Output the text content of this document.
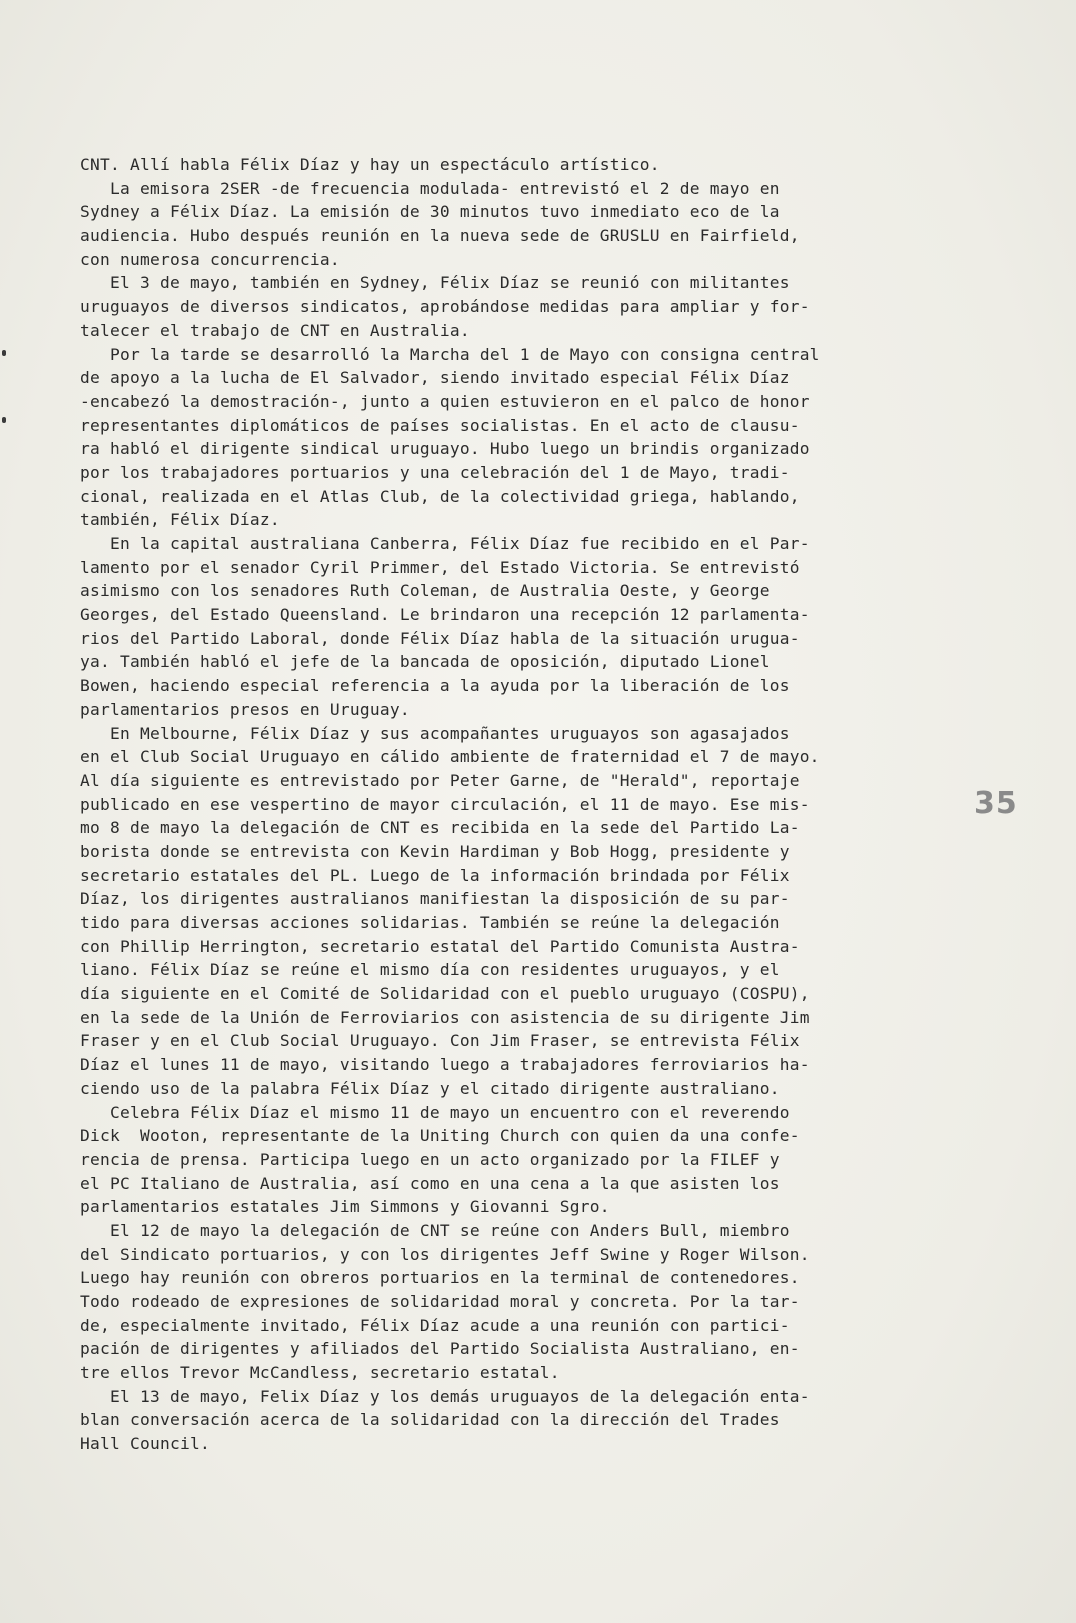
CNT. Allí habla Félix Díaz y hay un espectáculo artístico.
La emisora 2SER -de frecuencia modulada- entrevistó el 2 de mayo en
Sydney a Félix Díaz. La emisión de 30 minutos tuvo inmediato eco de la
audiencia. Hubo después reunión en la nueva sede de GRUSLU en Fairfield,
con numerosa concurrencia.
El 3 de mayo, también en Sydney, Félix Díaz se reunió con militantes
uruguayos de diversos sindicatos, aprobándose medidas para ampliar y for-
talecer el trabajo de CNT en Australia.
Por la tarde se desarrolló la Marcha del 1 de Mayo con consigna central
de apoyo a la lucha de El Salvador, siendo invitado especial Félix Díaz
-encabezó la demostración-, junto a quien estuvieron en el palco de honor
representantes diplomáticos de países socialistas. En el acto de clausu-
ra habló el dirigente sindical uruguayo. Hubo luego un brindis organizado
por los trabajadores portuarios y una celebración del 1 de Mayo, tradi-
cional, realizada en el Atlas Club, de la colectividad griega, hablando,
también, Félix Díaz.
En la capital australiana Canberra, Félix Díaz fue recibido en el Par-
lamento por el senador Cyril Primmer, del Estado Victoria. Se entrevistó
asimismo con los senadores Ruth Coleman, de Australia Oeste, y George
Georges, del Estado Queensland. Le brindaron una recepción 12 parlamenta-
rios del Partido Laboral, donde Félix Díaz habla de la situación urugua-
ya. También habló el jefe de la bancada de oposición, diputado Lionel
Bowen, haciendo especial referencia a la ayuda por la liberación de los
parlamentarios presos en Uruguay.
En Melbourne, Félix Díaz y sus acompañantes uruguayos son agasajados
en el Club Social Uruguayo en cálido ambiente de fraternidad el 7 de mayo.
Al día siguiente es entrevistado por Peter Garne, de "Herald", reportaje
publicado en ese vespertino de mayor circulación, el 11 de mayo. Ese mis-
mo 8 de mayo la delegación de CNT es recibida en la sede del Partido La-
borista donde se entrevista con Kevin Hardiman y Bob Hogg, presidente y
secretario estatales del PL. Luego de la información brindada por Félix
Díaz, los dirigentes australianos manifiestan la disposición de su par-
tido para diversas acciones solidarias. También se reúne la delegación
con Phillip Herrington, secretario estatal del Partido Comunista Austra-
liano. Félix Díaz se reúne el mismo día con residentes uruguayos, y el
día siguiente en el Comité de Solidaridad con el pueblo uruguayo (COSPU),
en la sede de la Unión de Ferroviarios con asistencia de su dirigente Jim
Fraser y en el Club Social Uruguayo. Con Jim Fraser, se entrevista Félix
Díaz el lunes 11 de mayo, visitando luego a trabajadores ferroviarios ha-
ciendo uso de la palabra Félix Díaz y el citado dirigente australiano.
Celebra Félix Díaz el mismo 11 de mayo un encuentro con el reverendo
Dick  Wooton, representante de la Uniting Church con quien da una confe-
rencia de prensa. Participa luego en un acto organizado por la FILEF y
el PC Italiano de Australia, así como en una cena a la que asisten los
parlamentarios estatales Jim Simmons y Giovanni Sgro.
El 12 de mayo la delegación de CNT se reúne con Anders Bull, miembro
del Sindicato portuarios, y con los dirigentes Jeff Swine y Roger Wilson.
Luego hay reunión con obreros portuarios en la terminal de contenedores.
Todo rodeado de expresiones de solidaridad moral y concreta. Por la tar-
de, especialmente invitado, Félix Díaz acude a una reunión con partici-
pación de dirigentes y afiliados del Partido Socialista Australiano, en-
tre ellos Trevor McCandless, secretario estatal.
El 13 de mayo, Felix Díaz y los demás uruguayos de la delegación enta-
blan conversación acerca de la solidaridad con la dirección del Trades
Hall Council.
35
